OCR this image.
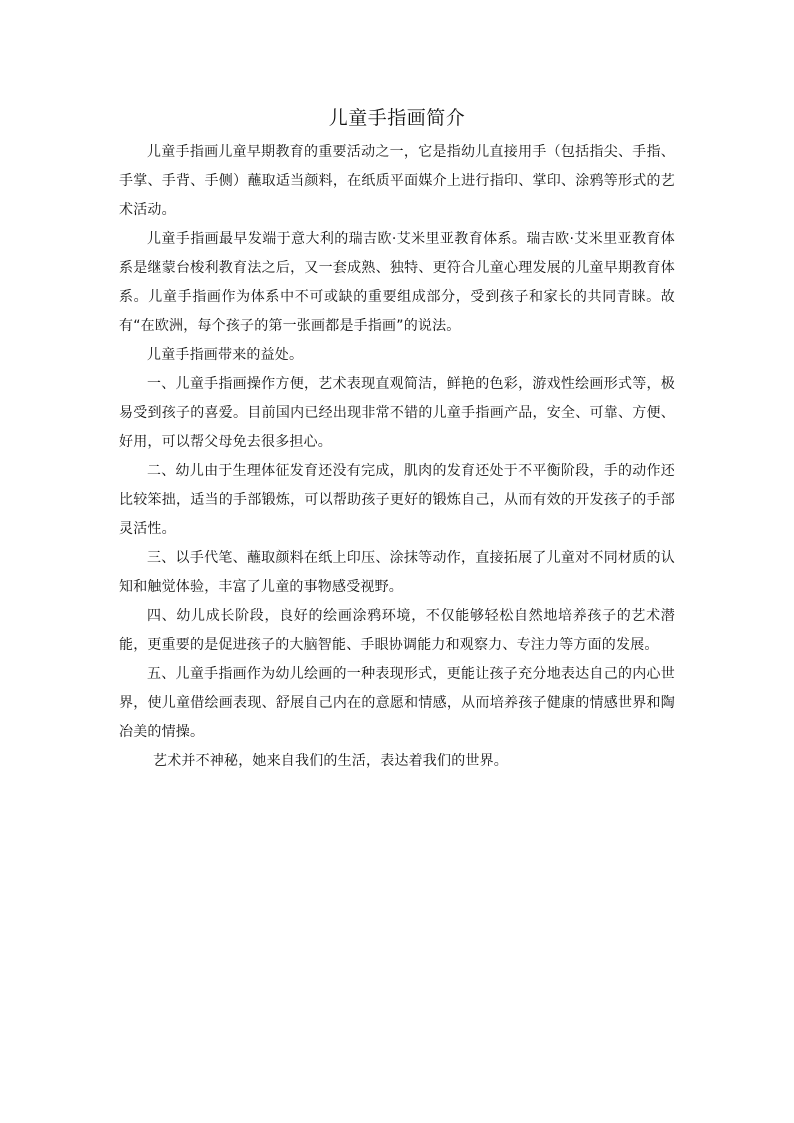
儿童手指画简介

儿童手指画儿童早期教育的重要活动之一，它是指幼儿直接用手（包括指尖、手指、手掌、手背、手侧）蘸取适当颜料，在纸质平面媒介上进行指印、掌印、涂鸦等形式的艺术活动。

儿童手指画最早发端于意大利的瑞吉欧·艾米里亚教育体系。瑞吉欧·艾米里亚教育体系是继蒙台梭利教育法之后，又一套成熟、独特、更符合儿童心理发展的儿童早期教育体系。儿童手指画作为体系中不可或缺的重要组成部分，受到孩子和家长的共同青睐。故有“在欧洲，每个孩子的第一张画都是手指画”的说法。

儿童手指画带来的益处。

一、儿童手指画操作方便，艺术表现直观简洁，鲜艳的色彩，游戏性绘画形式等，极易受到孩子的喜爱。目前国内已经出现非常不错的儿童手指画产品，安全、可靠、方便、好用，可以帮父母免去很多担心。

二、幼儿由于生理体征发育还没有完成，肌肉的发育还处于不平衡阶段，手的动作还比较笨拙，适当的手部锻炼，可以帮助孩子更好的锻炼自己，从而有效的开发孩子的手部灵活性。

三、以手代笔、蘸取颜料在纸上印压、涂抹等动作，直接拓展了儿童对不同材质的认知和触觉体验，丰富了儿童的事物感受视野。

四、幼儿成长阶段，良好的绘画涂鸦环境，不仅能够轻松自然地培养孩子的艺术潜能，更重要的是促进孩子的大脑智能、手眼协调能力和观察力、专注力等方面的发展。

五、儿童手指画作为幼儿绘画的一种表现形式，更能让孩子充分地表达自己的内心世界，使儿童借绘画表现、舒展自己内在的意愿和情感，从而培养孩子健康的情感世界和陶冶美的情操。

艺术并不神秘，她来自我们的生活，表达着我们的世界。
